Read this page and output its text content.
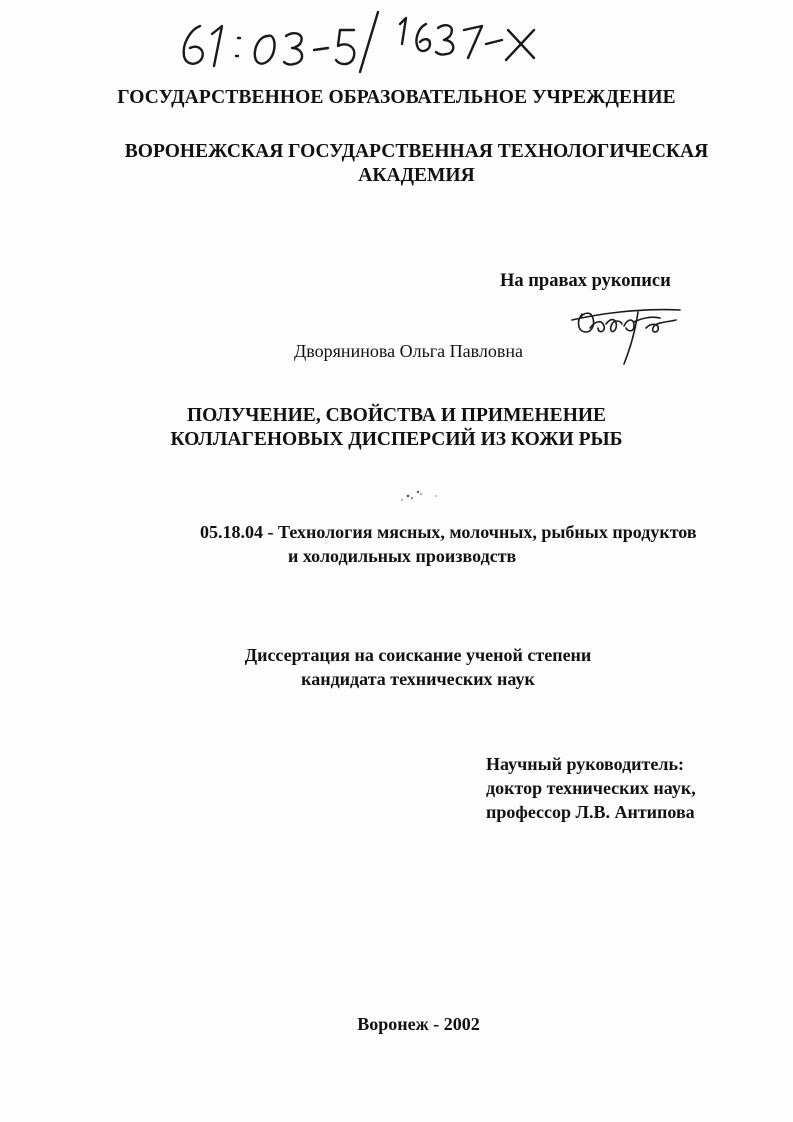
ГОСУДАРСТВЕННОЕ ОБРАЗОВАТЕЛЬНОЕ УЧРЕЖДЕНИЕ
ВОРОНЕЖСКАЯ ГОСУДАРСТВЕННАЯ ТЕХНОЛОГИЧЕСКАЯ
АКАДЕМИЯ
На правах рукописи
Дворянинова Ольга Павловна
ПОЛУЧЕНИЕ, СВОЙСТВА И ПРИМЕНЕНИЕ
КОЛЛАГЕНОВЫХ ДИСПЕРСИЙ ИЗ КОЖИ РЫБ
05.18.04 - Технология мясных, молочных, рыбных продуктов
и холодильных производств
Диссертация на соискание ученой степени
кандидата технических наук
Научный руководитель:
доктор технических наук,
профессор Л.В. Антипова
Воронеж - 2002
